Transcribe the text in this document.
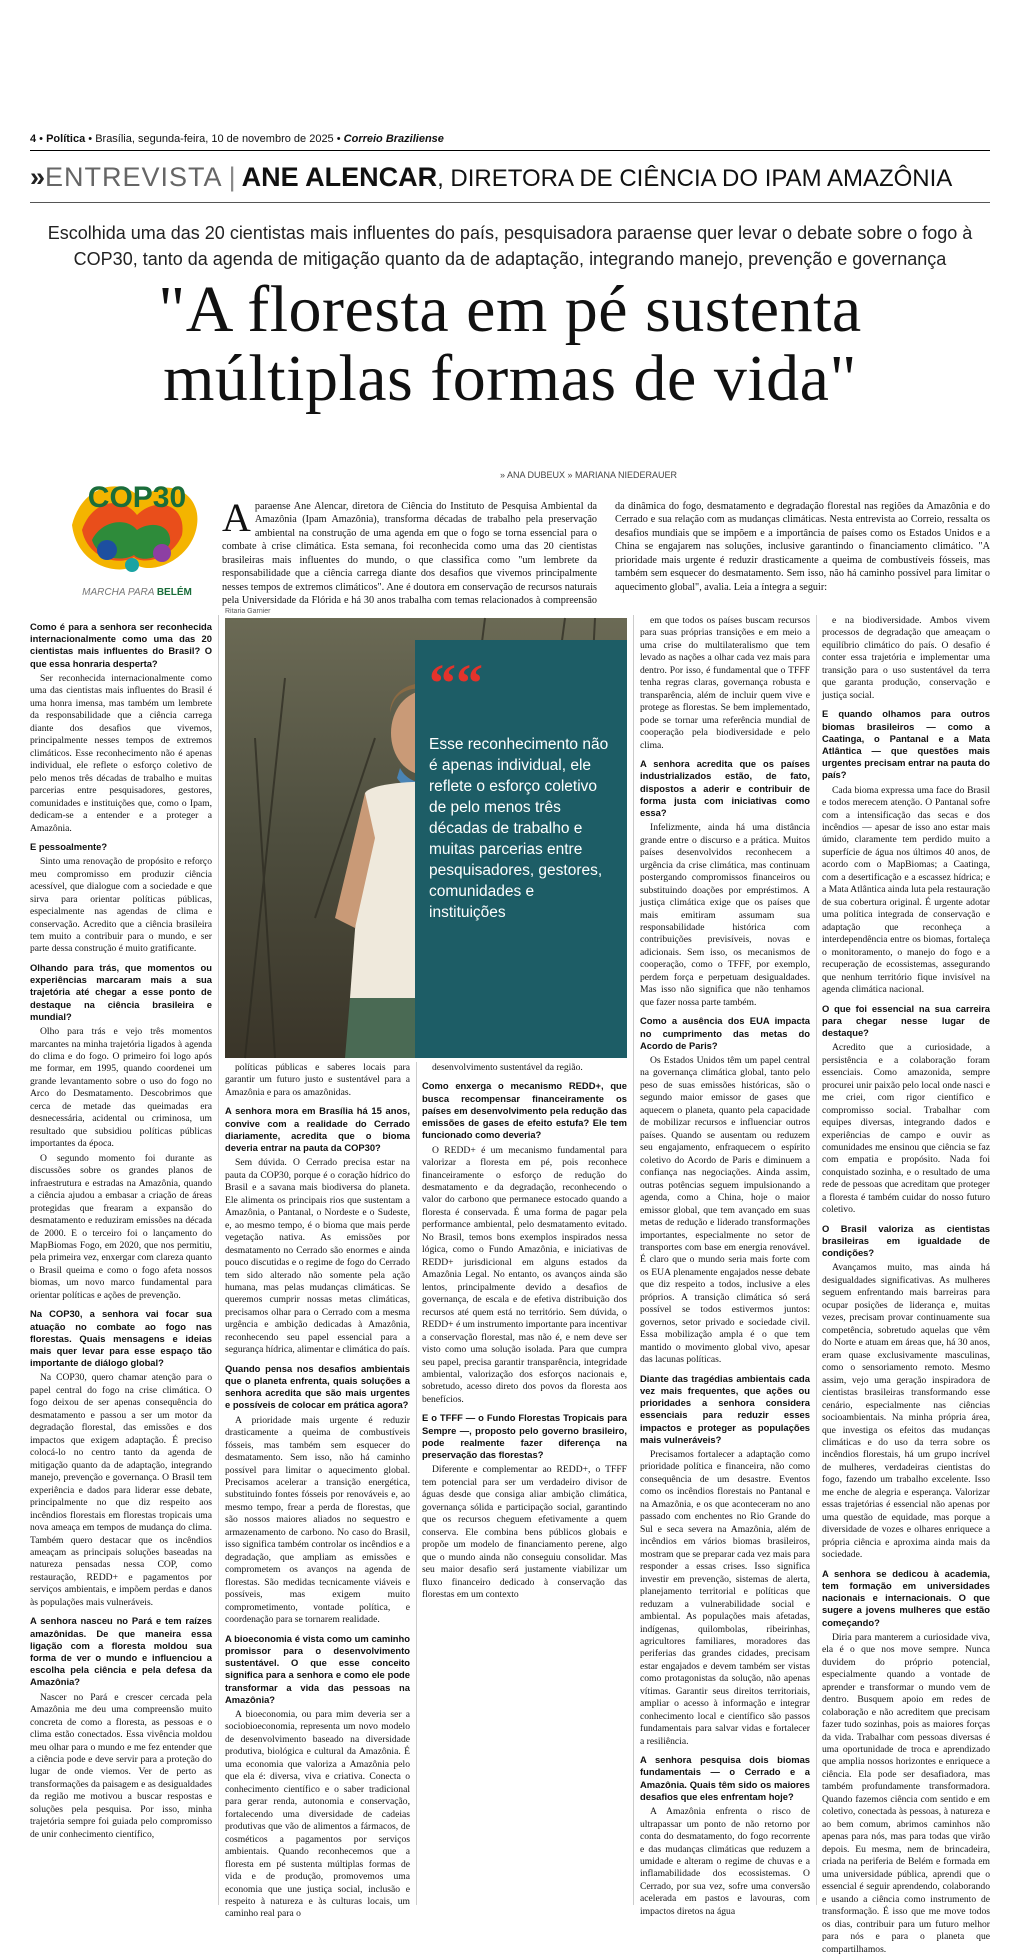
4 • Política • Brasília, segunda-feira, 10 de novembro de 2025 • Correio Braziliense
»ENTREVISTA | ANE ALENCAR, DIRETORA DE CIÊNCIA DO IPAM AMAZÔNIA
Escolhida uma das 20 cientistas mais influentes do país, pesquisadora paraense quer levar o debate sobre o fogo à COP30, tanto da agenda de mitigação quanto da de adaptação, integrando manejo, prevenção e governança
"A floresta em pé sustenta
múltiplas formas de vida"
COP30
MARCHA PARA BELÉM
» ANA DUBEUX » MARIANA NIEDERAUER
Aparaense Ane Alencar, diretora de Ciência do Instituto de Pesquisa Ambiental da Amazônia (Ipam Amazônia), transforma décadas de trabalho pela preservação ambiental na construção de uma agenda em que o fogo se torna essencial para o combate à crise climática. Esta semana, foi reconhecida como uma das 20 cientistas brasileiras mais influentes do mundo, o que classifica como "um lembrete da responsabilidade que a ciência carrega diante dos desafios que vivemos principalmente nesses tempos de extremos climáticos". Ane é doutora em conservação de recursos naturais pela Universidade da Flórida e há 30 anos trabalha com temas relacionados à compreensão da dinâmica do fogo, desmatamento e degradação florestal nas regiões da Amazônia e do Cerrado e sua relação com as mudanças climáticas. Nesta entrevista ao Correio, ressalta os desafios mundiais que se impõem e a importância de países como os Estados Unidos e a China se engajarem nas soluções, inclusive garantindo o financiamento climático. "A prioridade mais urgente é reduzir drasticamente a queima de combustíveis fósseis, mas também sem esquecer do desmatamento. Sem isso, não há caminho possível para limitar o aquecimento global", avalia. Leia a íntegra a seguir:

Como é para a senhora ser reconhecida internacionalmente como uma das 20 cientistas mais influentes do Brasil? O que essa honraria desperta?

Ser reconhecida internacionalmente como uma das cientistas mais influentes do Brasil é uma honra imensa, mas também um lembrete da responsabilidade que a ciência carrega diante dos desafios que vivemos, principalmente nesses tempos de extremos climáticos. Esse reconhecimento não é apenas individual, ele reflete o esforço coletivo de pelo menos três décadas de trabalho e muitas parcerias entre pesquisadores, gestores, comunidades e instituições que, como o Ipam, dedicam-se a entender e a proteger a Amazônia.

E pessoalmente?

Sinto uma renovação de propósito e reforço meu compromisso em produzir ciência acessível, que dialogue com a sociedade e que sirva para orientar políticas públicas, especialmente nas agendas de clima e conservação. Acredito que a ciência brasileira tem muito a contribuir para o mundo, e ser parte dessa construção é muito gratificante.

Olhando para trás, que momentos ou experiências marcaram mais a sua trajetória até chegar a esse ponto de destaque na ciência brasileira e mundial?

Olho para trás e vejo três momentos marcantes na minha trajetória ligados à agenda do clima e do fogo. O primeiro foi logo após me formar, em 1995, quando coordenei um grande levantamento sobre o uso do fogo no Arco do Desmatamento. Descobrimos que cerca de metade das queimadas era desnecessária, acidental ou criminosa, um resultado que subsidiou políticas públicas importantes da época.

O segundo momento foi durante as discussões sobre os grandes planos de infraestrutura e estradas na Amazônia, quando a ciência ajudou a embasar a criação de áreas protegidas que frearam a expansão do desmatamento e reduziram emissões na década de 2000. E o terceiro foi o lançamento do MapBiomas Fogo, em 2020, que nos permitiu, pela primeira vez, enxergar com clareza quanto o Brasil queima e como o fogo afeta nossos biomas, um novo marco fundamental para orientar políticas e ações de prevenção.

Na COP30, a senhora vai focar sua atuação no combate ao fogo nas florestas. Quais mensagens e ideias mais quer levar para esse espaço tão importante de diálogo global?

Na COP30, quero chamar atenção para o papel central do fogo na crise climática. O fogo deixou de ser apenas consequência do desmatamento e passou a ser um motor da degradação florestal, das emissões e dos impactos que exigem adaptação. É preciso colocá-lo no centro tanto da agenda de mitigação quanto da de adaptação, integrando manejo, prevenção e governança. O Brasil tem experiência e dados para liderar esse debate, principalmente no que diz respeito aos incêndios florestais em florestas tropicais uma nova ameaça em tempos de mudança do clima. Também quero destacar que os incêndios ameaçam as principais soluções baseadas na natureza pensadas nessa COP, como restauração, REDD+ e pagamentos por serviços ambientais, e impõem perdas e danos às populações mais vulneráveis.

A senhora nasceu no Pará e tem raízes amazônidas. De que maneira essa ligação com a floresta moldou sua forma de ver o mundo e influenciou a escolha pela ciência e pela defesa da Amazônia?

Nascer no Pará e crescer cercada pela Amazônia me deu uma compreensão muito concreta de como a floresta, as pessoas e o clima estão conectados. Essa vivência moldou meu olhar para o mundo e me fez entender que a ciência pode e deve servir para a proteção do lugar de onde viemos. Ver de perto as transformações da paisagem e as desigualdades da região me motivou a buscar respostas e soluções pela pesquisa. Por isso, minha trajetória sempre foi guiada pelo compromisso de unir conhecimento científico,

Ritaria Garnier
““
Esse reconhecimento não é apenas individual, ele reflete o esforço coletivo de pelo menos três décadas de trabalho e muitas parcerias entre pesquisadores, gestores, comunidades e instituições

políticas públicas e saberes locais para garantir um futuro justo e sustentável para a Amazônia e para os amazônidas.

A senhora mora em Brasília há 15 anos, convive com a realidade do Cerrado diariamente, acredita que o bioma deveria entrar na pauta da COP30?

Sem dúvida. O Cerrado precisa estar na pauta da COP30, porque é o coração hídrico do Brasil e a savana mais biodiversa do planeta. Ele alimenta os principais rios que sustentam a Amazônia, o Pantanal, o Nordeste e o Sudeste, e, ao mesmo tempo, é o bioma que mais perde vegetação nativa. As emissões por desmatamento no Cerrado são enormes e ainda pouco discutidas e o regime de fogo do Cerrado tem sido alterado não somente pela ação humana, mas pelas mudanças climáticas. Se queremos cumprir nossas metas climáticas, precisamos olhar para o Cerrado com a mesma urgência e ambição dedicadas à Amazônia, reconhecendo seu papel essencial para a segurança hídrica, alimentar e climática do país.

Quando pensa nos desafios ambientais que o planeta enfrenta, quais soluções a senhora acredita que são mais urgentes e possíveis de colocar em prática agora?

A prioridade mais urgente é reduzir drasticamente a queima de combustíveis fósseis, mas também sem esquecer do desmatamento. Sem isso, não há caminho possível para limitar o aquecimento global. Precisamos acelerar a transição energética, substituindo fontes fósseis por renováveis e, ao mesmo tempo, frear a perda de florestas, que são nossos maiores aliados no sequestro e armazenamento de carbono. No caso do Brasil, isso significa também controlar os incêndios e a degradação, que ampliam as emissões e comprometem os avanços na agenda de florestas. São medidas tecnicamente viáveis e possíveis, mas exigem muito comprometimento, vontade política, e coordenação para se tornarem realidade.

A bioeconomia é vista como um caminho promissor para o desenvolvimento sustentável. O que esse conceito significa para a senhora e como ele pode transformar a vida das pessoas na Amazônia?

A bioeconomia, ou para mim deveria ser a sociobioeconomia, representa um novo modelo de desenvolvimento baseado na diversidade produtiva, biológica e cultural da Amazônia. É uma economia que valoriza a Amazônia pelo que ela é: diversa, viva e criativa. Conecta o conhecimento científico e o saber tradicional para gerar renda, autonomia e conservação, fortalecendo uma diversidade de cadeias produtivas que vão de alimentos a fármacos, de cosméticos a pagamentos por serviços ambientais. Quando reconhecemos que a floresta em pé sustenta múltiplas formas de vida e de produção, promovemos uma economia que une justiça social, inclusão e respeito à natureza e às culturas locais, um caminho real para o

desenvolvimento sustentável da região.

Como enxerga o mecanismo REDD+, que busca recompensar financeiramente os países em desenvolvimento pela redução das emissões de gases de efeito estufa? Ele tem funcionado como deveria?

O REDD+ é um mecanismo fundamental para valorizar a floresta em pé, pois reconhece financeiramente o esforço de redução do desmatamento e da degradação, reconhecendo o valor do carbono que permanece estocado quando a floresta é conservada. É uma forma de pagar pela performance ambiental, pelo desmatamento evitado. No Brasil, temos bons exemplos inspirados nessa lógica, como o Fundo Amazônia, e iniciativas de REDD+ jurisdicional em alguns estados da Amazônia Legal. No entanto, os avanços ainda são lentos, principalmente devido a desafios de governança, de escala e de efetiva distribuição dos recursos até quem está no território. Sem dúvida, o REDD+ é um instrumento importante para incentivar a conservação florestal, mas não é, e nem deve ser visto como uma solução isolada. Para que cumpra seu papel, precisa garantir transparência, integridade ambiental, valorização dos esforços nacionais e, sobretudo, acesso direto dos povos da floresta aos benefícios.

E o TFFF — o Fundo Florestas Tropicais para Sempre —, proposto pelo governo brasileiro, pode realmente fazer diferença na preservação das florestas?

Diferente e complementar ao REDD+, o TFFF tem potencial para ser um verdadeiro divisor de águas desde que consiga aliar ambição climática, governança sólida e participação social, garantindo que os recursos cheguem efetivamente a quem conserva. Ele combina bens públicos globais e propõe um modelo de financiamento perene, algo que o mundo ainda não conseguiu consolidar. Mas seu maior desafio será justamente viabilizar um fluxo financeiro dedicado à conservação das florestas em um contexto

em que todos os países buscam recursos para suas próprias transições e em meio a uma crise do multilateralismo que tem levado as nações a olhar cada vez mais para dentro. Por isso, é fundamental que o TFFF tenha regras claras, governança robusta e transparência, além de incluir quem vive e protege as florestas. Se bem implementado, pode se tornar uma referência mundial de cooperação pela biodiversidade e pelo clima.

A senhora acredita que os países industrializados estão, de fato, dispostos a aderir e contribuir de forma justa com iniciativas como essa?

Infelizmente, ainda há uma distância grande entre o discurso e a prática. Muitos países desenvolvidos reconhecem a urgência da crise climática, mas continuam postergando compromissos financeiros ou substituindo doações por empréstimos. A justiça climática exige que os países que mais emitiram assumam sua responsabilidade histórica com contribuições previsíveis, novas e adicionais. Sem isso, os mecanismos de cooperação, como o TFFF, por exemplo, perdem força e perpetuam desigualdades. Mas isso não significa que não tenhamos que fazer nossa parte também.

Como a ausência dos EUA impacta no cumprimento das metas do Acordo de Paris?

Os Estados Unidos têm um papel central na governança climática global, tanto pelo peso de suas emissões históricas, são o segundo maior emissor de gases que aquecem o planeta, quanto pela capacidade de mobilizar recursos e influenciar outros países. Quando se ausentam ou reduzem seu engajamento, enfraquecem o espírito coletivo do Acordo de Paris e diminuem a confiança nas negociações. Ainda assim, outras potências seguem impulsionando a agenda, como a China, hoje o maior emissor global, que tem avançado em suas metas de redução e liderado transformações importantes, especialmente no setor de transportes com base em energia renovável. É claro que o mundo seria mais forte com os EUA plenamente engajados nesse debate que diz respeito a todos, inclusive a eles próprios. A transição climática só será possível se todos estivermos juntos: governos, setor privado e sociedade civil. Essa mobilização ampla é o que tem mantido o movimento global vivo, apesar das lacunas políticas.

Diante das tragédias ambientais cada vez mais frequentes, que ações ou prioridades a senhora considera essenciais para reduzir esses impactos e proteger as populações mais vulneráveis?

Precisamos fortalecer a adaptação como prioridade política e financeira, não como consequência de um desastre. Eventos como os incêndios florestais no Pantanal e na Amazônia, e os que aconteceram no ano passado com enchentes no Rio Grande do Sul e seca severa na Amazônia, além de incêndios em vários biomas brasileiros, mostram que se preparar cada vez mais para responder a essas crises. Isso significa investir em prevenção, sistemas de alerta, planejamento territorial e políticas que reduzam a vulnerabilidade social e ambiental. As populações mais afetadas, indígenas, quilombolas, ribeirinhas, agricultores familiares, moradores das periferias das grandes cidades, precisam estar engajados e devem também ser vistas como protagonistas da solução, não apenas vítimas. Garantir seus direitos territoriais, ampliar o acesso à informação e integrar conhecimento local e científico são passos fundamentais para salvar vidas e fortalecer a resiliência.

A senhora pesquisa dois biomas fundamentais — o Cerrado e a Amazônia. Quais têm sido os maiores desafios que eles enfrentam hoje?

A Amazônia enfrenta o risco de ultrapassar um ponto de não retorno por conta do desmatamento, do fogo recorrente e das mudanças climáticas que reduzem a umidade e alteram o regime de chuvas e a inflamabilidade dos ecossistemas. O Cerrado, por sua vez, sofre uma conversão acelerada em pastos e lavouras, com impactos diretos na água

e na biodiversidade. Ambos vivem processos de degradação que ameaçam o equilíbrio climático do país. O desafio é conter essa trajetória e implementar uma transição para o uso sustentável da terra que garanta produção, conservação e justiça social.

E quando olhamos para outros biomas brasileiros — como a Caatinga, o Pantanal e a Mata Atlântica — que questões mais urgentes precisam entrar na pauta do país?

Cada bioma expressa uma face do Brasil e todos merecem atenção. O Pantanal sofre com a intensificação das secas e dos incêndios — apesar de isso ano estar mais úmido, claramente tem perdido muito a superfície de água nos últimos 40 anos, de acordo com o MapBiomas; a Caatinga, com a desertificação e a escassez hídrica; e a Mata Atlântica ainda luta pela restauração de sua cobertura original. É urgente adotar uma política integrada de conservação e adaptação que reconheça a interdependência entre os biomas, fortaleça o monitoramento, o manejo do fogo e a recuperação de ecossistemas, assegurando que nenhum território fique invisível na agenda climática nacional.

O que foi essencial na sua carreira para chegar nesse lugar de destaque?

Acredito que a curiosidade, a persistência e a colaboração foram essenciais. Como amazonida, sempre procurei unir paixão pelo local onde nasci e me criei, com rigor científico e compromisso social. Trabalhar com equipes diversas, integrando dados e experiências de campo e ouvir as comunidades me ensinou que ciência se faz com empatia e propósito. Nada foi conquistado sozinha, e o resultado de uma rede de pessoas que acreditam que proteger a floresta é também cuidar do nosso futuro coletivo.

O Brasil valoriza as cientistas brasileiras em igualdade de condições?

Avançamos muito, mas ainda há desigualdades significativas. As mulheres seguem enfrentando mais barreiras para ocupar posições de liderança e, muitas vezes, precisam provar continuamente sua competência, sobretudo aquelas que vêm do Norte e atuam em áreas que, há 30 anos, eram quase exclusivamente masculinas, como o sensoriamento remoto. Mesmo assim, vejo uma geração inspiradora de cientistas brasileiras transformando esse cenário, especialmente nas ciências socioambientais. Na minha própria área, que investiga os efeitos das mudanças climáticas e do uso da terra sobre os incêndios florestais, há um grupo incrível de mulheres, verdadeiras cientistas do fogo, fazendo um trabalho excelente. Isso me enche de alegria e esperança. Valorizar essas trajetórias é essencial não apenas por uma questão de equidade, mas porque a diversidade de vozes e olhares enriquece a própria ciência e aproxima ainda mais da sociedade.

A senhora se dedicou à academia, tem formação em universidades nacionais e internacionais. O que sugere a jovens mulheres que estão começando?

Diria para manterem a curiosidade viva, ela é o que nos move sempre. Nunca duvidem do próprio potencial, especialmente quando a vontade de aprender e transformar o mundo vem de dentro. Busquem apoio em redes de colaboração e não acreditem que precisam fazer tudo sozinhas, pois as maiores forças da vida. Trabalhar com pessoas diversas é uma oportunidade de troca e aprendizado que amplia nossos horizontes e enriquece a ciência. Ela pode ser desafiadora, mas também profundamente transformadora. Quando fazemos ciência com sentido e em coletivo, conectada às pessoas, à natureza e ao bem comum, abrimos caminhos não apenas para nós, mas para todas que virão depois. Eu mesma, nem de brincadeira, criada na periferia de Belém e formada em uma universidade pública, aprendi que o essencial é seguir aprendendo, colaborando e usando a ciência como instrumento de transformação. É isso que me move todos os dias, contribuir para um futuro melhor para nós e para o planeta que compartilhamos.
